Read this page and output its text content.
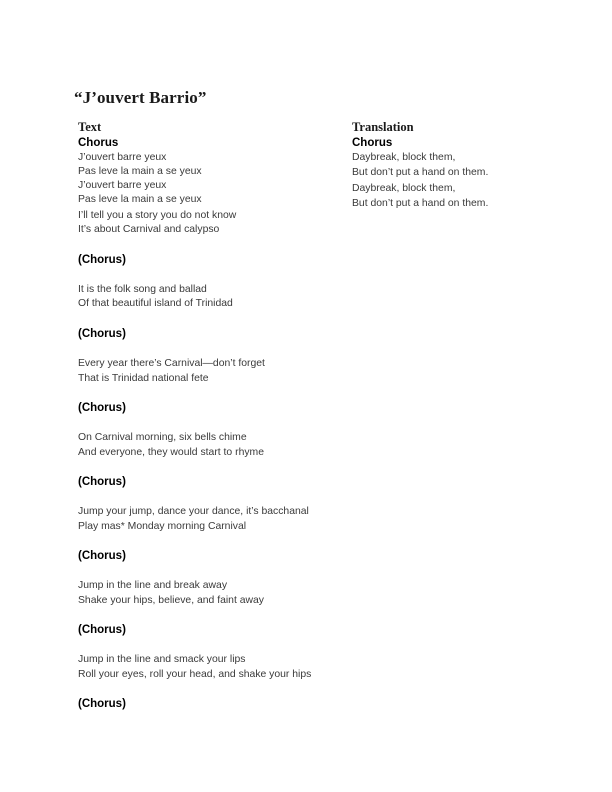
“J’ouvert Barrio”
Text

Chorus

J’ouvert barre yeux

Pas leve la main a se yeux

J’ouvert barre yeux

Pas leve la main a se yeux

I’ll tell you a story you do not know

It’s about Carnival and calypso

(Chorus)

It is the folk song and ballad

Of that beautiful island of Trinidad

(Chorus)

Every year there’s Carnival—don’t forget

That is Trinidad national fete

(Chorus)

On Carnival morning, six bells chime

And everyone, they would start to rhyme

(Chorus)

Jump your jump, dance your dance, it’s bacchanal

Play mas* Monday morning Carnival

(Chorus)

Jump in the line and break away

Shake your hips, believe, and faint away

(Chorus)

Jump in the line and smack your lips

Roll your eyes, roll your head, and shake your hips

(Chorus)

Translation

Chorus

Daybreak, block them,

But don’t put a hand on them.

Daybreak, block them,

But don’t put a hand on them.
